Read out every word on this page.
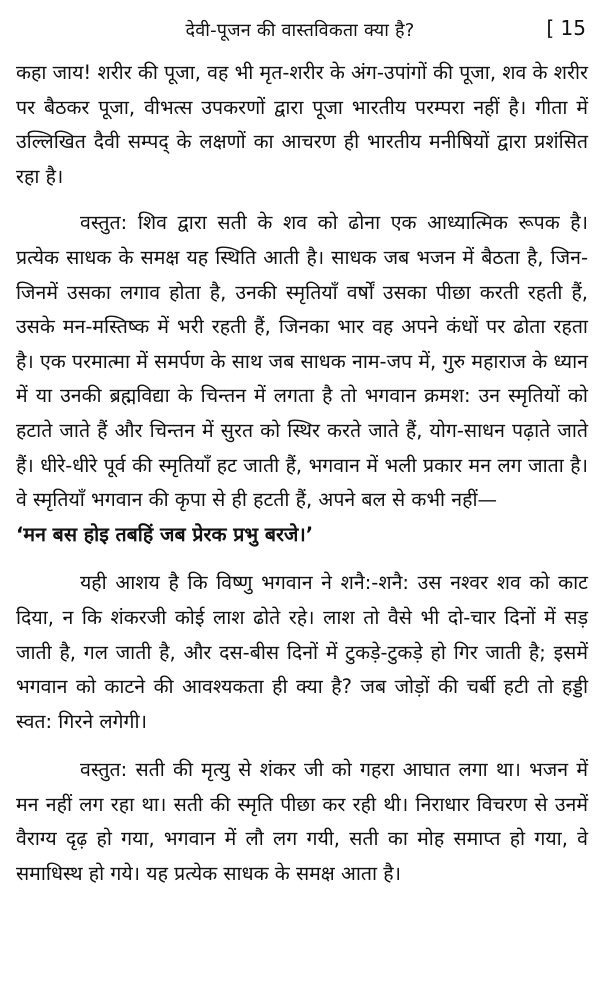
देवी-पूजन की वास्तविकता क्या है?	[ 15

कहा जाय! शरीर की पूजा, वह भी मृत-शरीर के अंग-उपांगों की पूजा, शव के शरीर पर बैठकर पूजा, वीभत्स उपकरणों द्वारा पूजा भारतीय परम्परा नहीं है। गीता में उल्लिखित दैवी सम्पद् के लक्षणों का आचरण ही भारतीय मनीषियों द्वारा प्रशंसित रहा है।

वस्तुत: शिव द्वारा सती के शव को ढोना एक आध्यात्मिक रूपक है। प्रत्येक साधक के समक्ष यह स्थिति आती है। साधक जब भजन में बैठता है, जिन-जिनमें उसका लगाव होता है, उनकी स्मृतियाँ वर्षों उसका पीछा करती रहती हैं, उसके मन-मस्तिष्क में भरी रहती हैं, जिनका भार वह अपने कंधों पर ढोता रहता है। एक परमात्मा में समर्पण के साथ जब साधक नाम-जप में, गुरु महाराज के ध्यान में या उनकी ब्रह्मविद्या के चिन्तन में लगता है तो भगवान क्रमश: उन स्मृतियों को हटाते जाते हैं और चिन्तन में सुरत को स्थिर करते जाते हैं, योग-साधन पढ़ाते जाते हैं। धीरे-धीरे पूर्व की स्मृतियाँ हट जाती हैं, भगवान में भली प्रकार मन लग जाता है। वे स्मृतियाँ भगवान की कृपा से ही हटती हैं, अपने बल से कभी नहीं—
‘मन बस होइ तबहिं जब प्रेरक प्रभु बरजे।’

यही आशय है कि विष्णु भगवान ने शनै:-शनै: उस नश्वर शव को काट दिया, न कि शंकरजी कोई लाश ढोते रहे। लाश तो वैसे भी दो-चार दिनों में सड़ जाती है, गल जाती है, और दस-बीस दिनों में टुकड़े-टुकड़े हो गिर जाती है; इसमें भगवान को काटने की आवश्यकता ही क्या है? जब जोड़ों की चर्बी हटी तो हड्डी स्वत: गिरने लगेगी।

वस्तुत: सती की मृत्यु से शंकर जी को गहरा आघात लगा था। भजन में मन नहीं लग रहा था। सती की स्मृति पीछा कर रही थी। निराधार विचरण से उनमें वैराग्य दृढ़ हो गया, भगवान में लौ लग गयी, सती का मोह समाप्त हो गया, वे समाधिस्थ हो गये। यह प्रत्येक साधक के समक्ष आता है।
